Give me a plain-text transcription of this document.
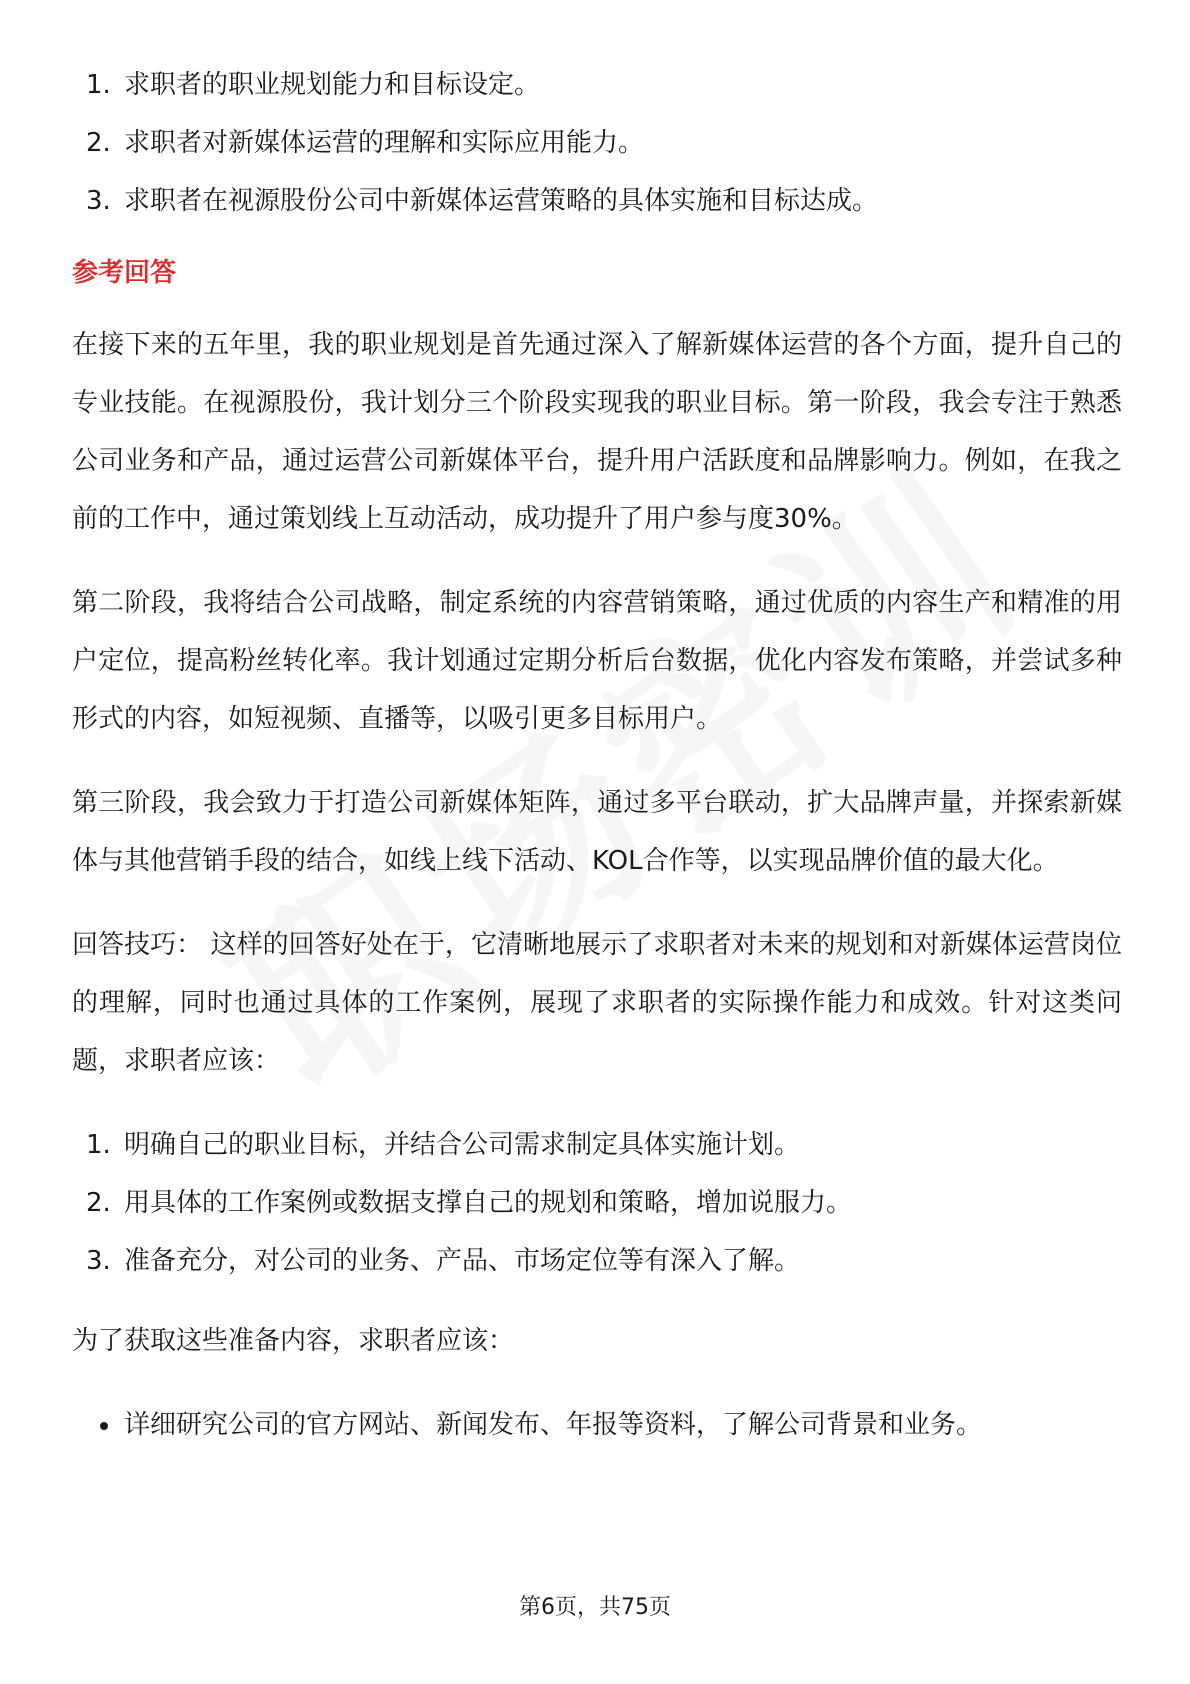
1. 求职者的职业规划能力和目标设定。
2. 求职者对新媒体运营的理解和实际应用能力。
3. 求职者在视源股份公司中新媒体运营策略的具体实施和目标达成。
参考回答

在接下来的五年里，我的职业规划是首先通过深入了解新媒体运营的各个方面，提升自己的专业技能。在视源股份，我计划分三个阶段实现我的职业目标。第一阶段，我会专注于熟悉公司业务和产品，通过运营公司新媒体平台，提升用户活跃度和品牌影响力。例如，在我之前的工作中，通过策划线上互动活动，成功提升了用户参与度30%。

第二阶段，我将结合公司战略，制定系统的内容营销策略，通过优质的内容生产和精准的用户定位，提高粉丝转化率。我计划通过定期分析后台数据，优化内容发布策略，并尝试多种形式的内容，如短视频、直播等，以吸引更多目标用户。

第三阶段，我会致力于打造公司新媒体矩阵，通过多平台联动，扩大品牌声量，并探索新媒体与其他营销手段的结合，如线上线下活动、KOL合作等，以实现品牌价值的最大化。

回答技巧： 这样的回答好处在于，它清晰地展示了求职者对未来的规划和对新媒体运营岗位的理解，同时也通过具体的工作案例，展现了求职者的实际操作能力和成效。针对这类问题，求职者应该：

1. 明确自己的职业目标，并结合公司需求制定具体实施计划。
2. 用具体的工作案例或数据支撑自己的规划和策略，增加说服力。
3. 准备充分，对公司的业务、产品、市场定位等有深入了解。

为了获取这些准备内容，求职者应该：

详细研究公司的官方网站、新闻发布、年报等资料，了解公司背景和业务。
第6页，共75页
